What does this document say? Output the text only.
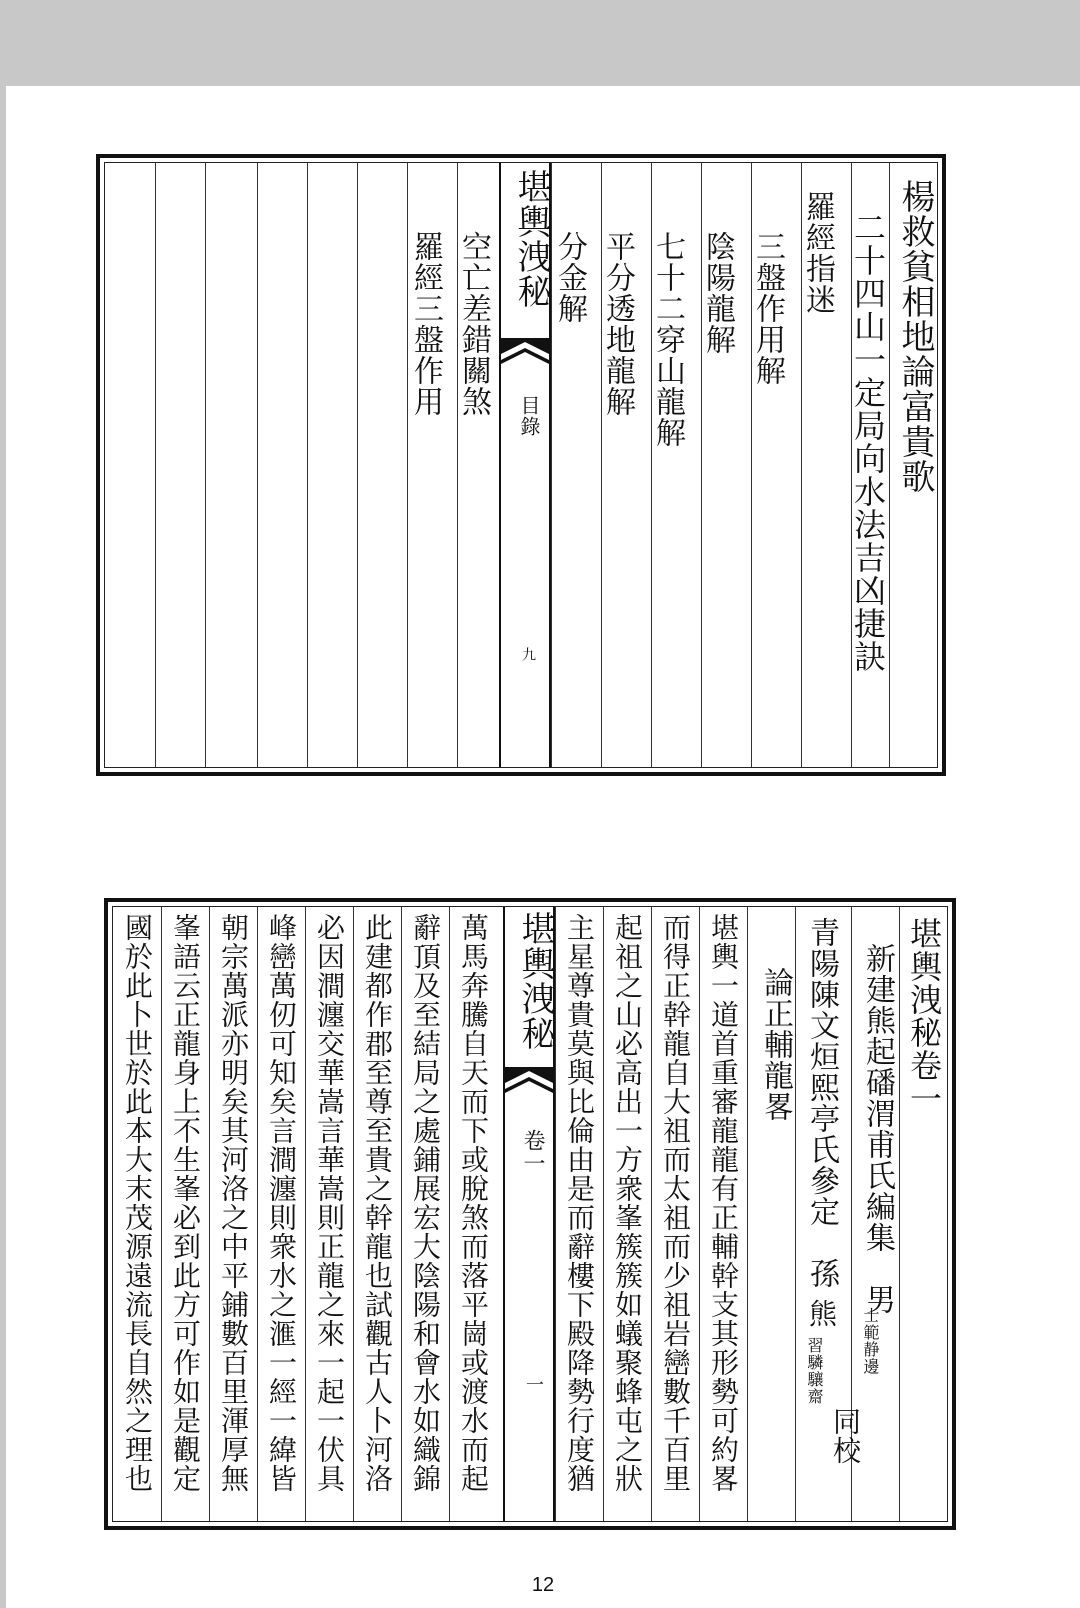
楊救貧相地論富貴歌
二十四山一定局向水法吉凶捷訣
羅經指迷
三盤作用解
陰陽龍解
七十二穿山龍解
平分透地龍解
分金解
堪輿洩秘
目錄
九
空亡差錯關煞
羅經三盤作用
堪輿洩秘卷一
新建熊起磻渭甫氏編集　男
士範静邊
青陽陳文烜熙亭氏參定　孫
熊
習驎驤齋
同校
論正輔龍畧
堪輿一道首重審龍龍有正輔幹支其形勢可約畧
而得正幹龍自大祖而太祖而少祖岩巒數千百里
起祖之山必高出一方衆峯簇簇如蟻聚蜂屯之狀
主星尊貴莫與比倫由是而辭樓下殿降勢行度猶
堪輿洩秘
卷一
一
萬馬奔騰自天而下或脫煞而落平崗或渡水而起
辭頂及至結局之處鋪展宏大陰陽和會水如織錦
此建都作郡至尊至貴之幹龍也試觀古人卜河洛
必因澗瀍交華嵩言華嵩則正龍之來一起一伏具
峰巒萬仞可知矣言澗瀍則衆水之滙一經一緯皆
朝宗萬派亦明矣其河洛之中平鋪數百里渾厚無
峯語云正龍身上不生峯必到此方可作如是觀定
國於此卜世於此本大末茂源遠流長自然之理也
12
